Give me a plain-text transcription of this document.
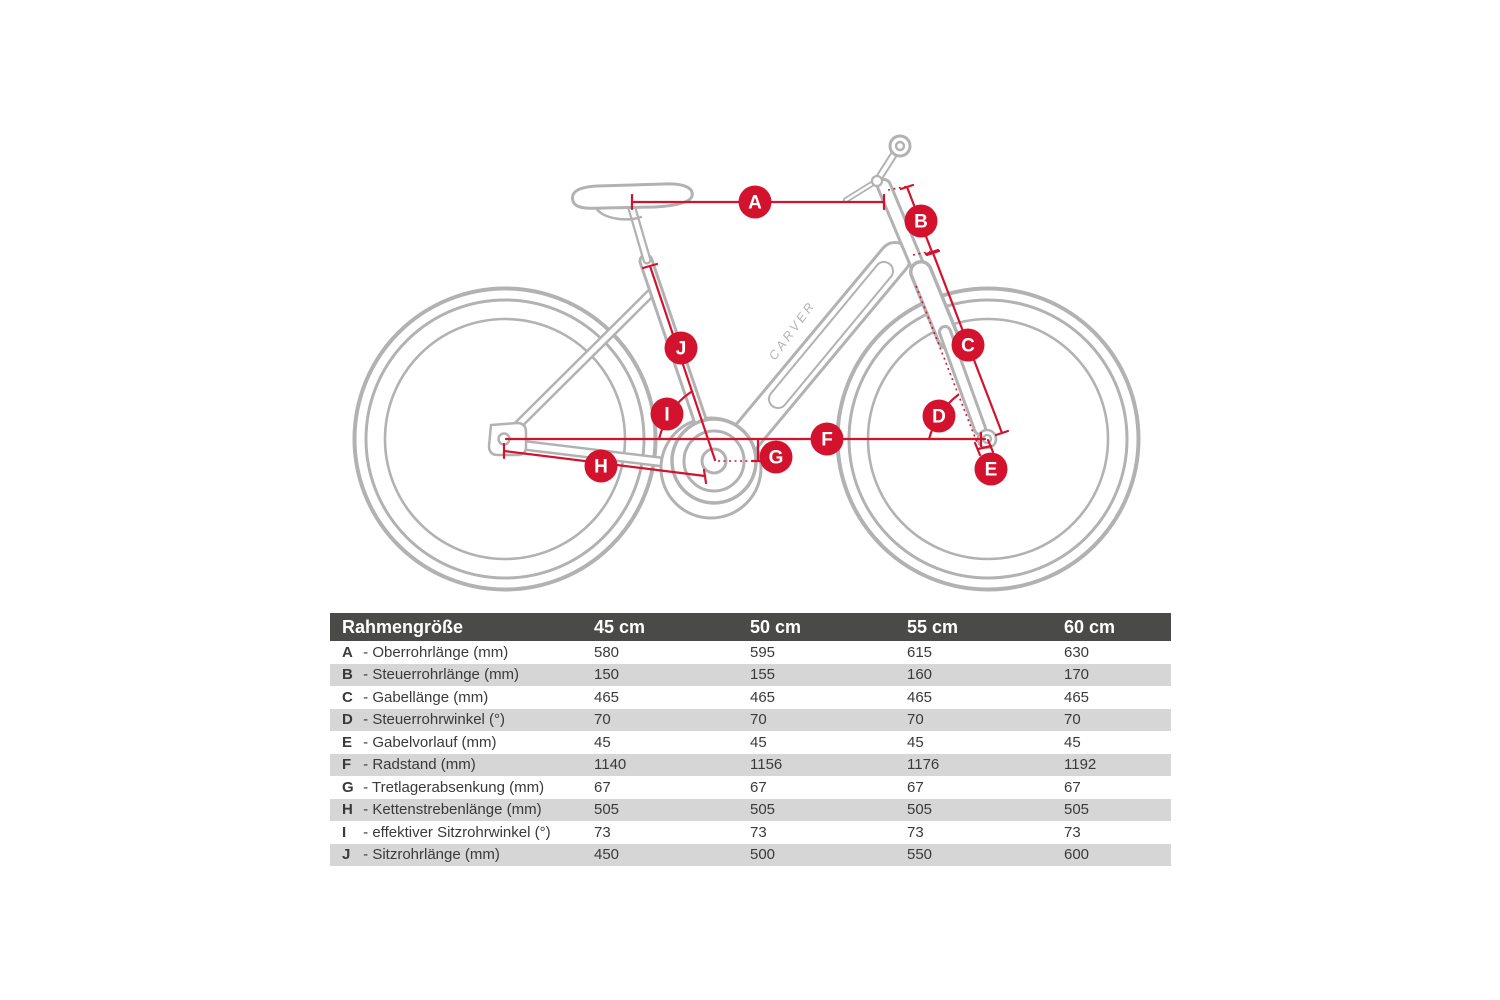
CARVER
A
B
C
D
E
F
G
H
I
J
Rahmengröße	45 cm	50 cm	55 cm	60 cm
A - Oberrohrlänge (mm)	580	595	615	630
B - Steuerrohrlänge (mm)	150	155	160	170
C - Gabellänge (mm)	465	465	465	465
D - Steuerrohrwinkel (°)	70	70	70	70
E - Gabelvorlauf (mm)	45	45	45	45
F - Radstand (mm)	1140	1156	1176	1192
G - Tretlagerabsenkung (mm)	67	67	67	67
H - Kettenstrebenlänge (mm)	505	505	505	505
I - effektiver Sitzrohrwinkel (°)	73	73	73	73
J - Sitzrohrlänge (mm)	450	500	550	600
